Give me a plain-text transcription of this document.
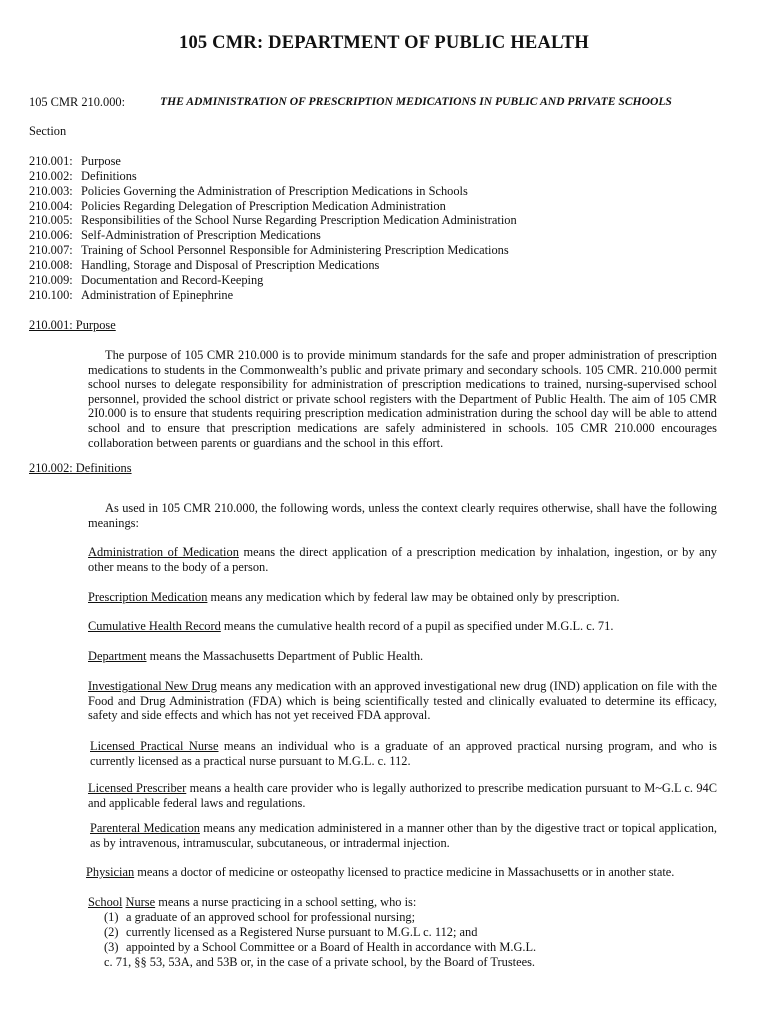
105 CMR: DEPARTMENT OF PUBLIC HEALTH
105 CMR 210.000:	THE ADMINISTRATION OF PRESCRIPTION MEDICATIONS IN PUBLIC AND PRIVATE SCHOOLS
Section
210.001: Purpose
210.002: Definitions
210.003: Policies Governing the Administration of Prescription Medications in Schools
210.004: Policies Regarding Delegation of Prescription Medication Administration
210.005: Responsibilities of the School Nurse Regarding Prescription Medication Administration
210.006: Self-Administration of Prescription Medications
210.007: Training of School Personnel Responsible for Administering Prescription Medications
210.008: Handling, Storage and Disposal of Prescription Medications
210.009: Documentation and Record-Keeping
210.100: Administration of Epinephrine
210.001: Purpose
The purpose of 105 CMR 210.000 is to provide minimum standards for the safe and proper administration of prescription medications to students in the Commonwealth’s public and private primary and secondary schools. 105 CMR. 210.000 permit school nurses to delegate responsibility for administration of prescription medications to trained, nursing-supervised school personnel, provided the school district or private school registers with the Department of Public Health. The aim of 105 CMR 2I0.000 is to ensure that students requiring prescription medication administration during the school day will be able to attend school and to ensure that prescription medications are safely administered in schools. 105 CMR 210.000 encourages collaboration between parents or guardians and the school in this effort.
210.002: Definitions
As used in 105 CMR 210.000, the following words, unless the context clearly requires otherwise, shall have the following meanings:
Administration of Medication means the direct application of a prescription medication by inhalation, ingestion, or by any other means to the body of a person.
Prescription Medication means any medication which by federal law may be obtained only by prescription.
Cumulative Health Record means the cumulative health record of a pupil as specified under M.G.L. c. 71.
Department means the Massachusetts Department of Public Health.
Investigational New Drug means any medication with an approved investigational new drug (IND) application on file with the Food and Drug Administration (FDA) which is being scientifically tested and clinically evaluated to determine its efficacy, safety and side effects and which has not yet received FDA approval.
Licensed Practical Nurse means an individual who is a graduate of an approved practical nursing program, and who is currently licensed as a practical nurse pursuant to M.G.L. c. 112.
Licensed Prescriber means a health care provider who is legally authorized to prescribe medication pursuant to M~G.L c. 94C and applicable federal laws and regulations.
Parenteral Medication means any medication administered in a manner other than by the digestive tract or topical application, as by intravenous, intramuscular, subcutaneous, or intradermal injection.
Physician means a doctor of medicine or osteopathy licensed to practice medicine in Massachusetts or in another state.
School Nurse means a nurse practicing in a school setting, who is:
(1) a graduate of an approved school for professional nursing;
(2) currently licensed as a Registered Nurse pursuant to M.G.L c. 112; and
(3) appointed by a School Committee or a Board of Health in accordance with M.G.L.
c. 71, §§ 53, 53A, and 53B or, in the case of a private school, by the Board of Trustees.
